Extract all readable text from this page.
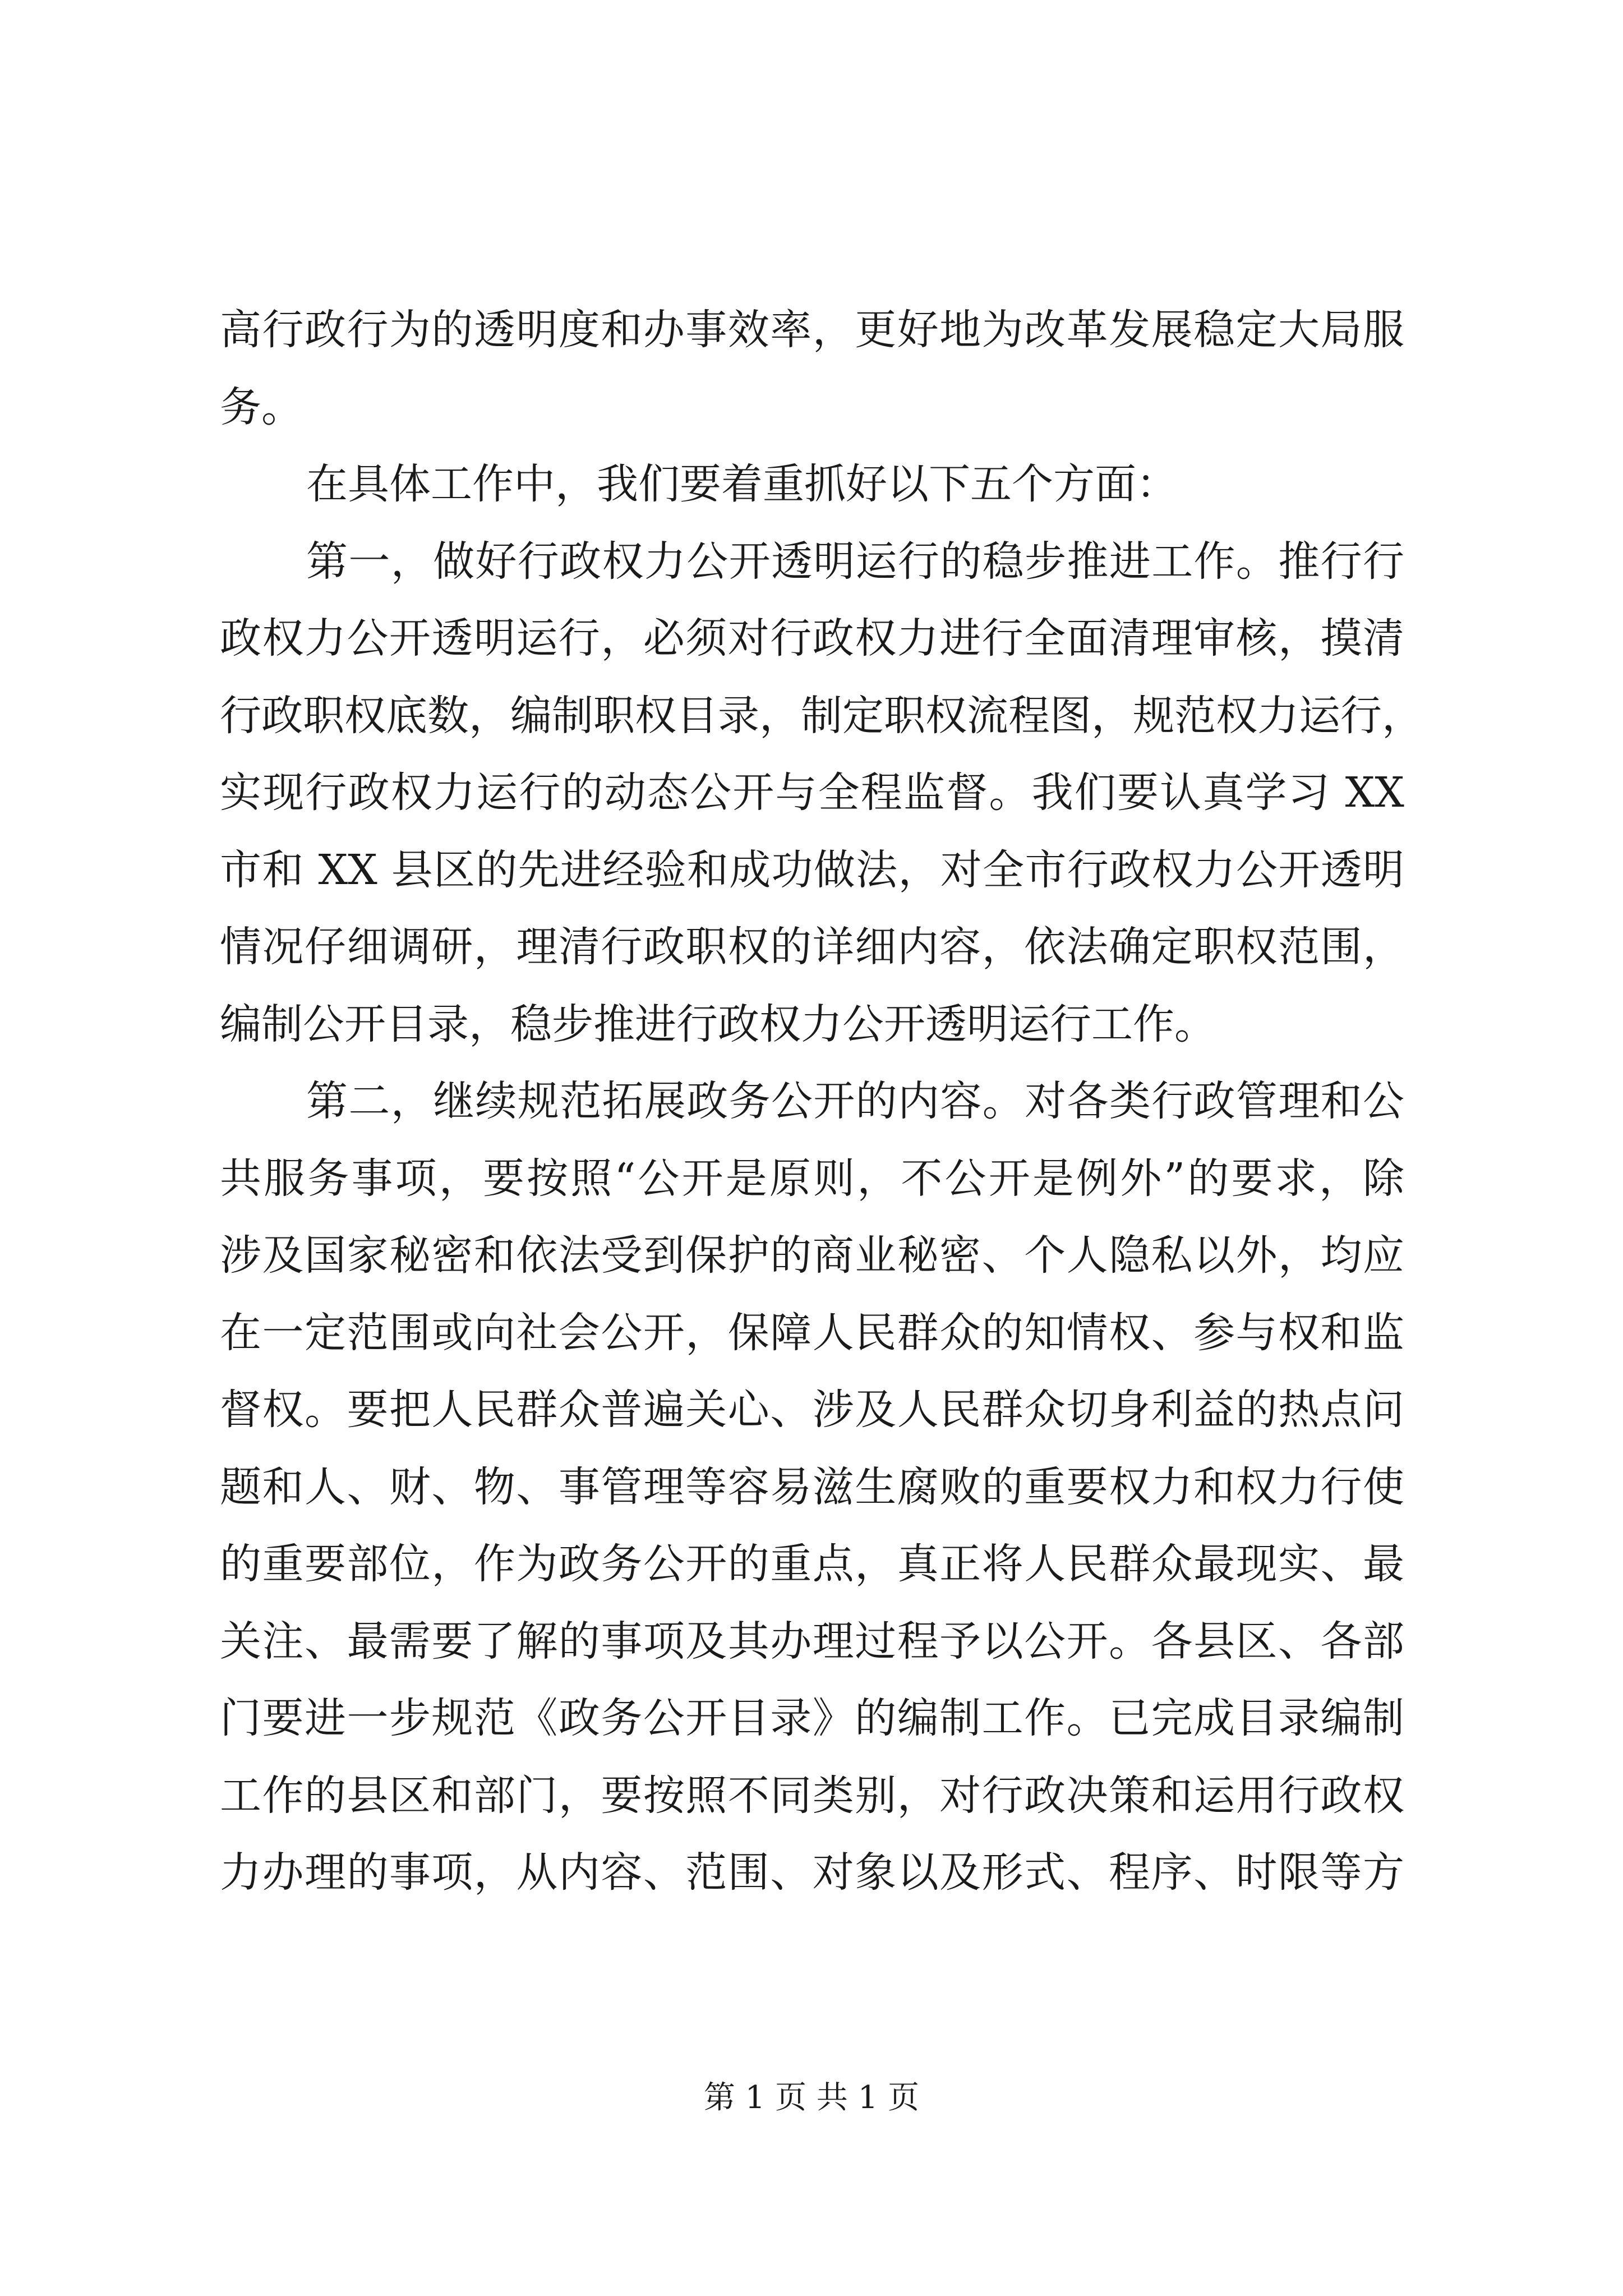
高行政行为的透明度和办事效率，更好地为改革发展稳定大局服
务。
在具体工作中，我们要着重抓好以下五个方面：
第一，做好行政权力公开透明运行的稳步推进工作。推行行
政权力公开透明运行，必须对行政权力进行全面清理审核，摸清
行政职权底数，编制职权目录，制定职权流程图，规范权力运行，
实现行政权力运行的动态公开与全程监督。我们要认真学习 XX
市和 XX 县区的先进经验和成功做法，对全市行政权力公开透明
情况仔细调研，理清行政职权的详细内容，依法确定职权范围，
编制公开目录，稳步推进行政权力公开透明运行工作。
第二，继续规范拓展政务公开的内容。对各类行政管理和公
共服务事项，要按照“公开是原则，不公开是例外”的要求，除
涉及国家秘密和依法受到保护的商业秘密、个人隐私以外，均应
在一定范围或向社会公开，保障人民群众的知情权、参与权和监
督权。要把人民群众普遍关心、涉及人民群众切身利益的热点问
题和人、财、物、事管理等容易滋生腐败的重要权力和权力行使
的重要部位，作为政务公开的重点，真正将人民群众最现实、最
关注、最需要了解的事项及其办理过程予以公开。各县区、各部
门要进一步规范《政务公开目录》的编制工作。已完成目录编制
工作的县区和部门，要按照不同类别，对行政决策和运用行政权
力办理的事项，从内容、范围、对象以及形式、程序、时限等方
第 1 页 共 1 页
